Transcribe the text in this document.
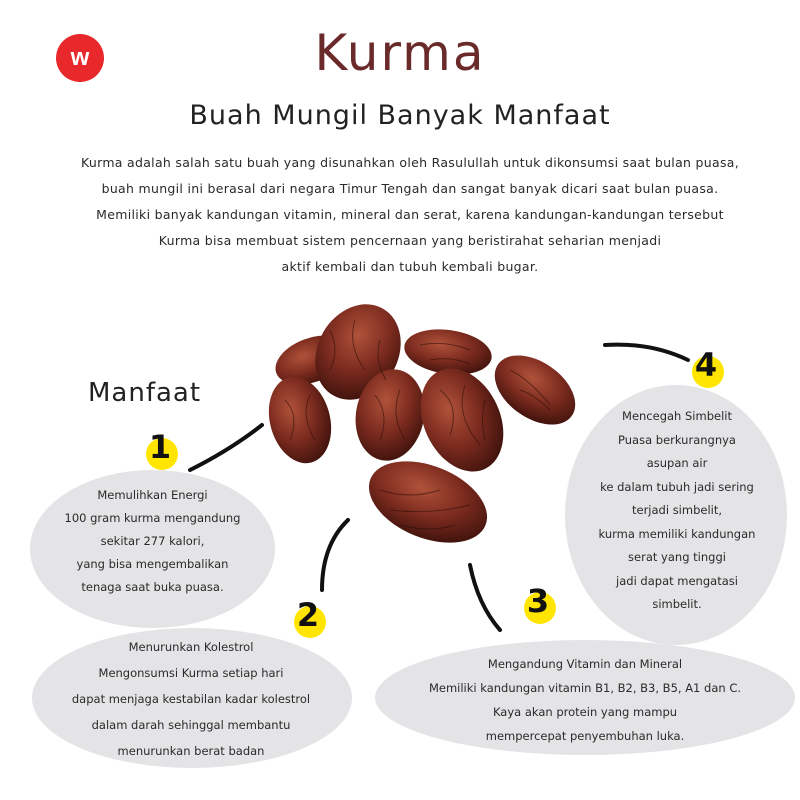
w	Kurma
Buah Mungil Banyak Manfaat
Kurma adalah salah satu buah yang disunahkan oleh Rasulullah untuk dikonsumsi saat bulan puasa,
buah mungil ini berasal dari negara Timur Tengah dan sangat banyak dicari saat bulan puasa.
Memiliki banyak kandungan vitamin, mineral dan serat, karena kandungan-kandungan tersebut
Kurma bisa membuat sistem pencernaan yang beristirahat seharian menjadi
aktif kembali dan tubuh kembali bugar.
Manfaat
1
2	3
4
Memulihkan Energi
100 gram kurma mengandung
sekitar 277 kalori,
yang bisa mengembalikan
tenaga saat buka puasa.
Menurunkan Kolestrol
Mengonsumsi Kurma setiap hari
dapat menjaga kestabilan kadar kolestrol
dalam darah sehinggal membantu
menurunkan berat badan
Mengandung Vitamin dan Mineral
Memiliki kandungan vitamin B1, B2, B3, B5, A1 dan C.
Kaya akan protein yang mampu
mempercepat penyembuhan luka.
Mencegah Simbelit
Puasa berkurangnya
asupan air
ke dalam tubuh jadi sering
terjadi simbelit,
kurma memiliki kandungan
serat yang tinggi
jadi dapat mengatasi
simbelit.
